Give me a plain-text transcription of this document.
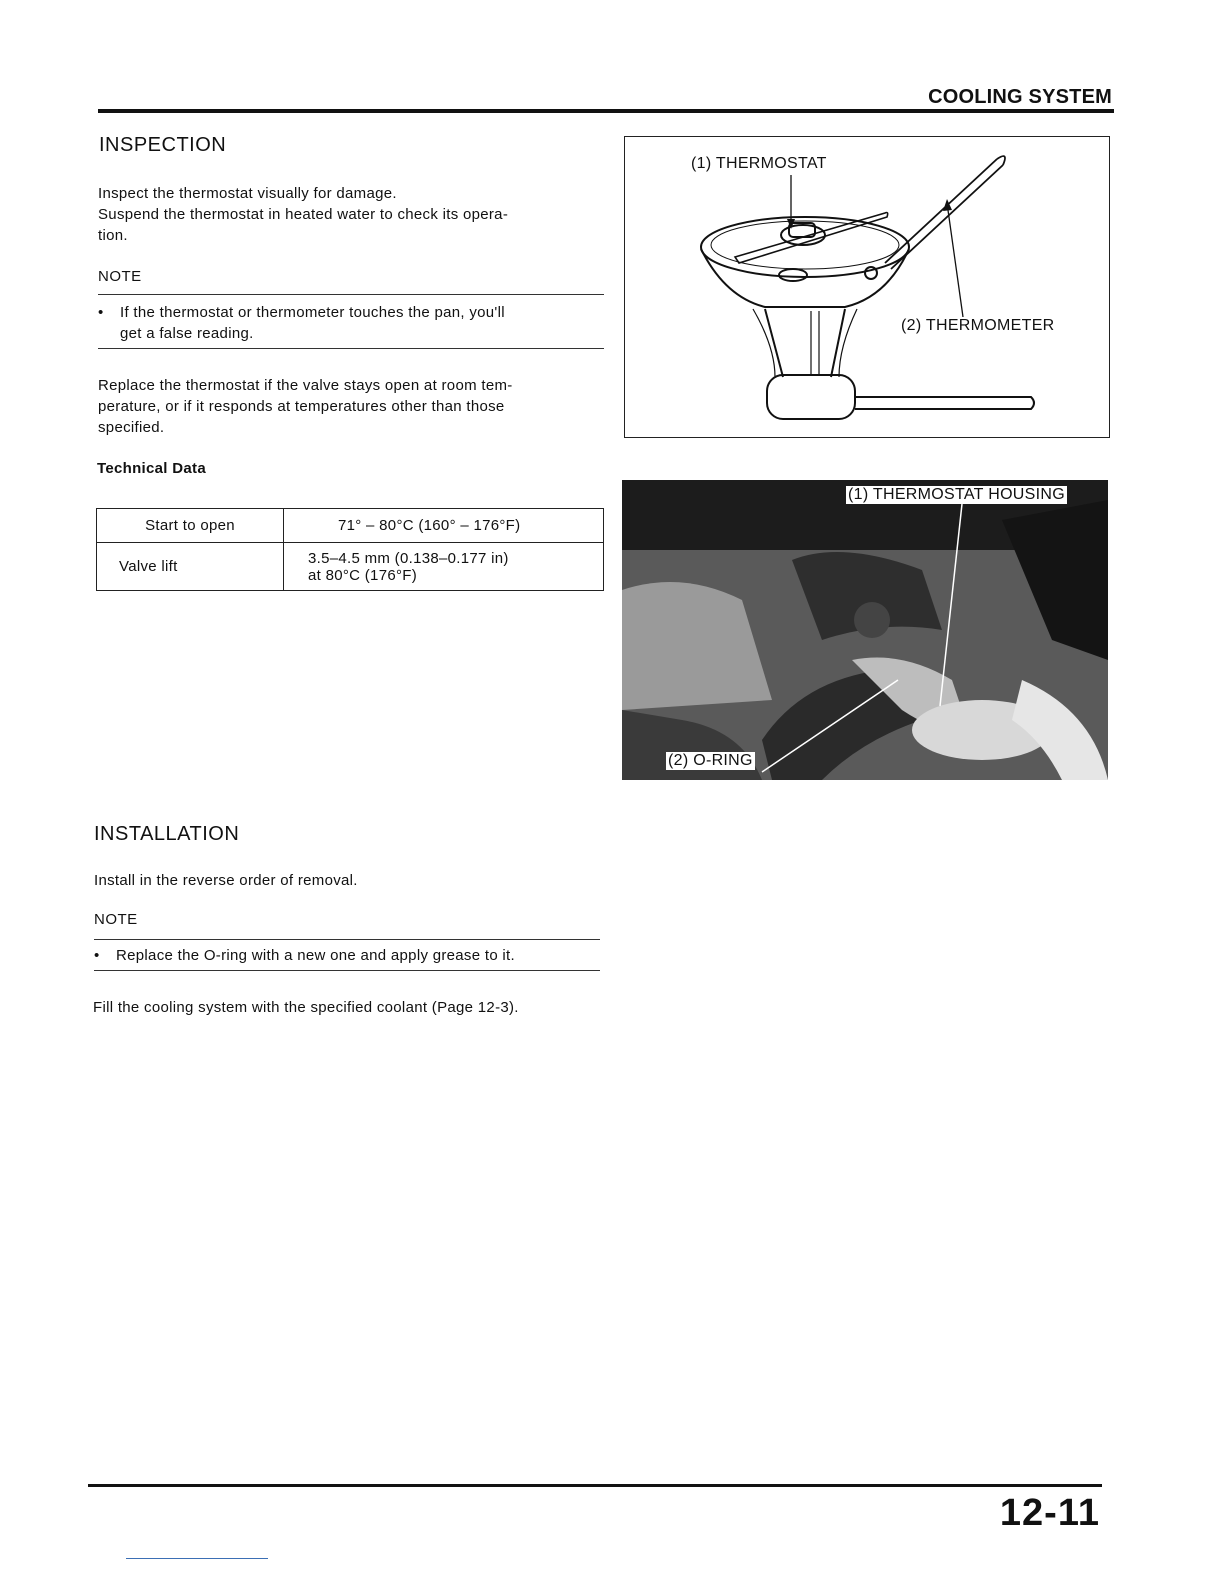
COOLING SYSTEM
INSPECTION
Inspect the thermostat visually for damage.
Suspend the thermostat in heated water to check its opera-
tion.
NOTE
• If the thermostat or thermometer touches the pan, you'll
get a false reading.
Replace the thermostat if the valve stays open at room tem-
perature, or if it responds at temperatures other than those
specified.
Technical Data
Start to open	71° – 80°C (160° – 176°F)
Valve lift	3.5–4.5 mm (0.138–0.177 in)
at 80°C (176°F)
(1) THERMOSTAT
(2) THERMOMETER
(1) THERMOSTAT HOUSING
(2) O-RING
INSTALLATION
Install in the reverse order of removal.
NOTE
• Replace the O-ring with a new one and apply grease to it.
Fill the cooling system with the specified coolant (Page 12-3).
12-11
